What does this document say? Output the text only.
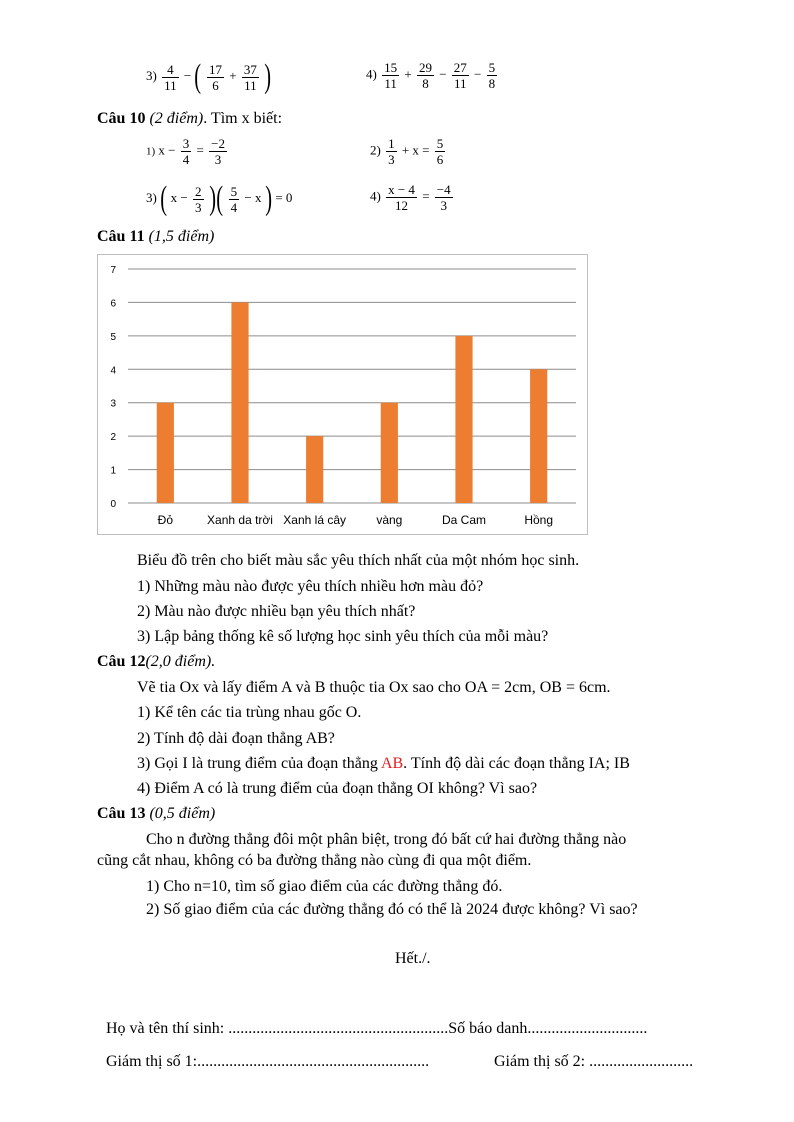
$3) \frac{4}{11}$ − ( $\frac{17}{6} + \frac{37}{11}$ )	$4) \frac{15}{11} + \frac{29}{8} - \frac{27}{11} - \frac{5}{8}$
Câu 10 (2 điểm). Tìm x biết:
1) $x - \frac{3}{4} = \frac{-2}{3}$	$2) \frac{1}{3} + x = \frac{5}{6}$
3) ( $x - \frac{2}{3}$ )( $\frac{5}{4} - x$ ) = 0	$4) \frac{x - 4}{12} = \frac{-4}{3}$
Câu 11 (1,5 điểm)
0
1
2
3
4
5
6
7
Đỏ	Xanh da trời Xanh lá cây	vàng	Da Cam	Hồng
Biểu đồ trên cho biết màu sắc yêu thích nhất của một nhóm học sinh.
1) Những màu nào được yêu thích nhiều hơn màu đỏ?
2) Màu nào được nhiều bạn yêu thích nhất?
3) Lập bảng thống kê số lượng học sinh yêu thích của mỗi màu?
Câu 12(2,0 điểm).
Vẽ tia Ox và lấy điểm A và B thuộc tia Ox sao cho OA = 2cm, OB = 6cm.
1) Kể tên các tia trùng nhau gốc O.
2) Tính độ dài đoạn thẳng AB?
3) Gọi I là trung điểm của đoạn thẳng AB. Tính độ dài các đoạn thẳng IA; IB
4) Điểm A có là trung điểm của đoạn thẳng OI không? Vì sao?
Câu 13 (0,5 điểm)
Cho n đường thẳng đôi một phân biệt, trong đó bất cứ hai đường thẳng nào
cũng cắt nhau, không có ba đường thẳng nào cùng đi qua một điểm.
1) Cho n=10, tìm số giao điểm của các đường thẳng đó.
2) Số giao điểm của các đường thẳng đó có thể là 2024 được không? Vì sao?
Hết./.
Họ và tên thí sinh: .......................................................Số báo danh..............................
Giám thị số 1:..........................................................	Giám thị số 2: ..........................
